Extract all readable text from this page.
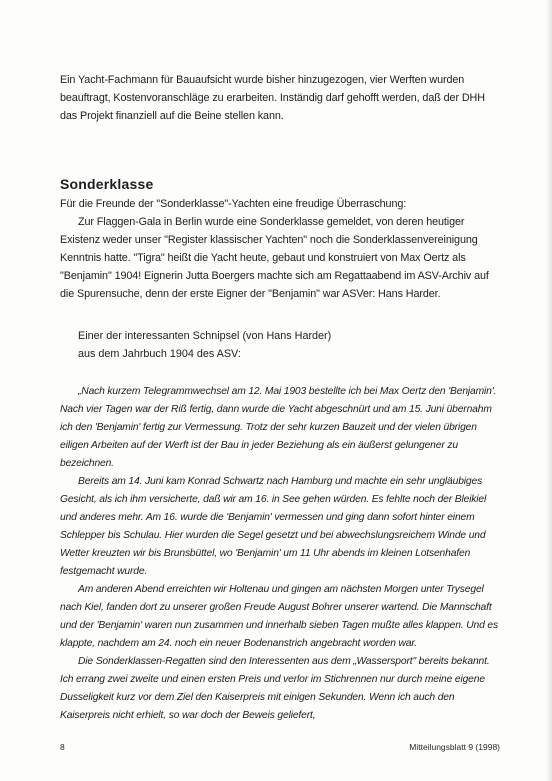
Ein Yacht-Fachmann für Bauaufsicht wurde bisher hinzugezogen, vier Werften wurden beauftragt, Kostenvoranschläge zu erarbeiten. Inständig darf gehofft werden, daß der DHH das Projekt finanziell auf die Beine stellen kann.

Sonderklasse

Für die Freunde der "Sonderklasse"-Yachten eine freudige Überraschung:

Zur Flaggen-Gala in Berlin wurde eine Sonderklasse gemeldet, von deren heutiger Existenz weder unser "Register klassischer Yachten" noch die Sonderklassenvereinigung Kenntnis hatte. "Tigra" heißt die Yacht heute, gebaut und konstruiert von Max Oertz als "Benjamin" 1904! Eignerin Jutta Boergers machte sich am Regattaabend im ASV-Archiv auf die Spurensuche, denn der erste Eigner der "Benjamin" war ASVer: Hans Harder.

Einer der interessanten Schnipsel (von Hans Harder)
aus dem Jahrbuch 1904 des ASV:

„Nach kurzem Telegrammwechsel am 12. Mai 1903 bestellte ich bei Max Oertz den 'Benjamin'. Nach vier Tagen war der Riß fertig, dann wurde die Yacht abgeschnürt und am 15. Juni übernahm ich den 'Benjamin' fertig zur Vermessung. Trotz der sehr kurzen Bauzeit und der vielen übrigen eiligen Arbeiten auf der Werft ist der Bau in jeder Beziehung als ein äußerst gelungener zu bezeichnen.

Bereits am 14. Juni kam Konrad Schwartz nach Hamburg und machte ein sehr ungläubiges Gesicht, als ich ihm versicherte, daß wir am 16. in See gehen würden. Es fehlte noch der Bleikiel und anderes mehr. Am 16. wurde die 'Benjamin' vermessen und ging dann sofort hinter einem Schlepper bis Schulau. Hier wurden die Segel gesetzt und bei abwechslungsreichem Winde und Wetter kreuzten wir bis Brunsbüttel, wo 'Benjamin' um 11 Uhr abends im kleinen Lotsenhafen festgemacht wurde.

Am anderen Abend erreichten wir Holtenau und gingen am nächsten Morgen unter Trysegel nach Kiel, fanden dort zu unserer großen Freude August Bohrer unserer wartend. Die Mannschaft und der 'Benjamin' waren nun zusammen und innerhalb sieben Tagen mußte alles klappen. Und es klappte, nachdem am 24. noch ein neuer Bodenanstrich angebracht worden war.

Die Sonderklassen-Regatten sind den Interessenten aus dem „Wassersport" bereits bekannt. Ich errang zwei zweite und einen ersten Preis und verlor im Stichrennen nur durch meine eigene Dusseligkeit kurz vor dem Ziel den Kaiserpreis mit einigen Sekunden. Wenn ich auch den Kaiserpreis nicht erhielt, so war doch der Beweis geliefert,

8	Mitteilungsblatt 9 (1998)
